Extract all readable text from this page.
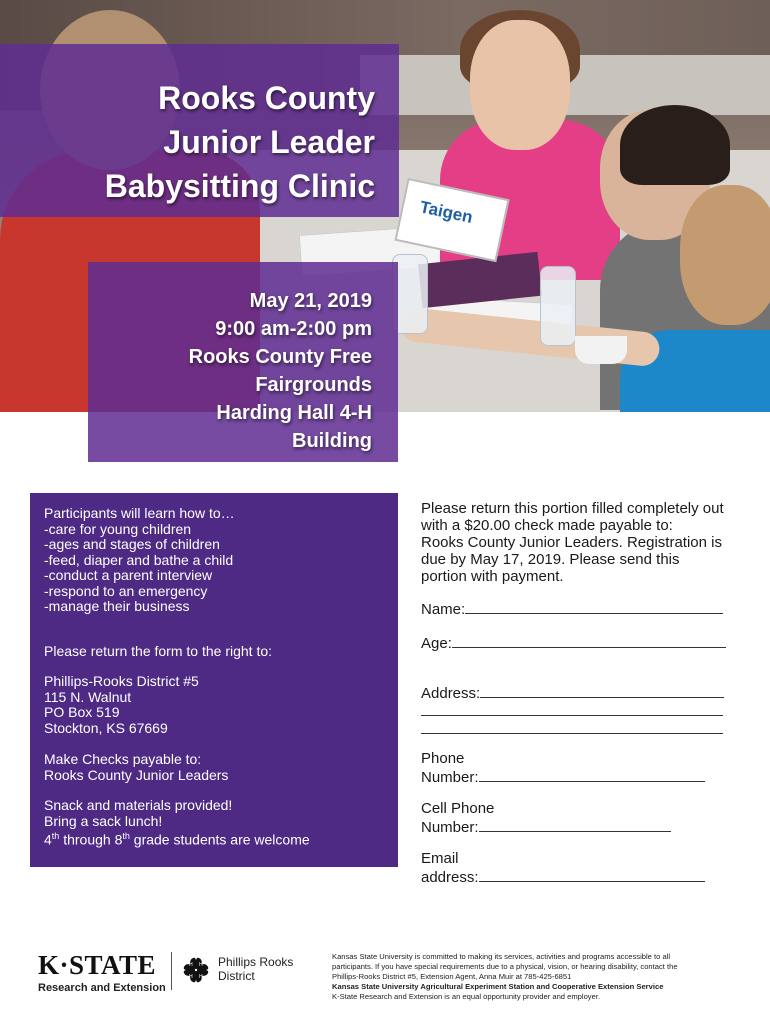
Taigen
Rooks County
Junior Leader
Babysitting Clinic
May 21, 2019
9:00 am-2:00 pm
Rooks County Free
Fairgrounds
Harding Hall 4-H
Building
Participants will learn how to…
-care for young children
-ages and stages of children
-feed, diaper and bathe a child
-conduct a parent interview
-respond to an emergency
-manage their business
Please return the form to the right to:
Phillips-Rooks District #5
115 N. Walnut
PO Box 519
Stockton, KS 67669
Make Checks payable to:
Rooks County Junior Leaders
Snack and materials provided!
Bring a sack lunch!
4th through 8th grade students are welcome
Please return this portion filled completely out
with a $20.00 check made payable to:
Rooks County Junior Leaders. Registration is
due by May 17, 2019. Please send this
portion with payment.
Name:
Age:
Address:
Phone
Number:
Cell Phone
Number:
Email
address:
K·STATE
Research and Extension
H H
H H
Phillips Rooks
District
Kansas State University is committed to making its services, activities and programs accessible to all
participants. If you have special requirements due to a physical, vision, or hearing disability, contact the
Phillips-Rooks District #5, Extension Agent, Anna Muir at 785-425-6851
Kansas State University Agricultural Experiment Station and Cooperative Extension Service
K-State Research and Extension is an equal opportunity provider and employer.
